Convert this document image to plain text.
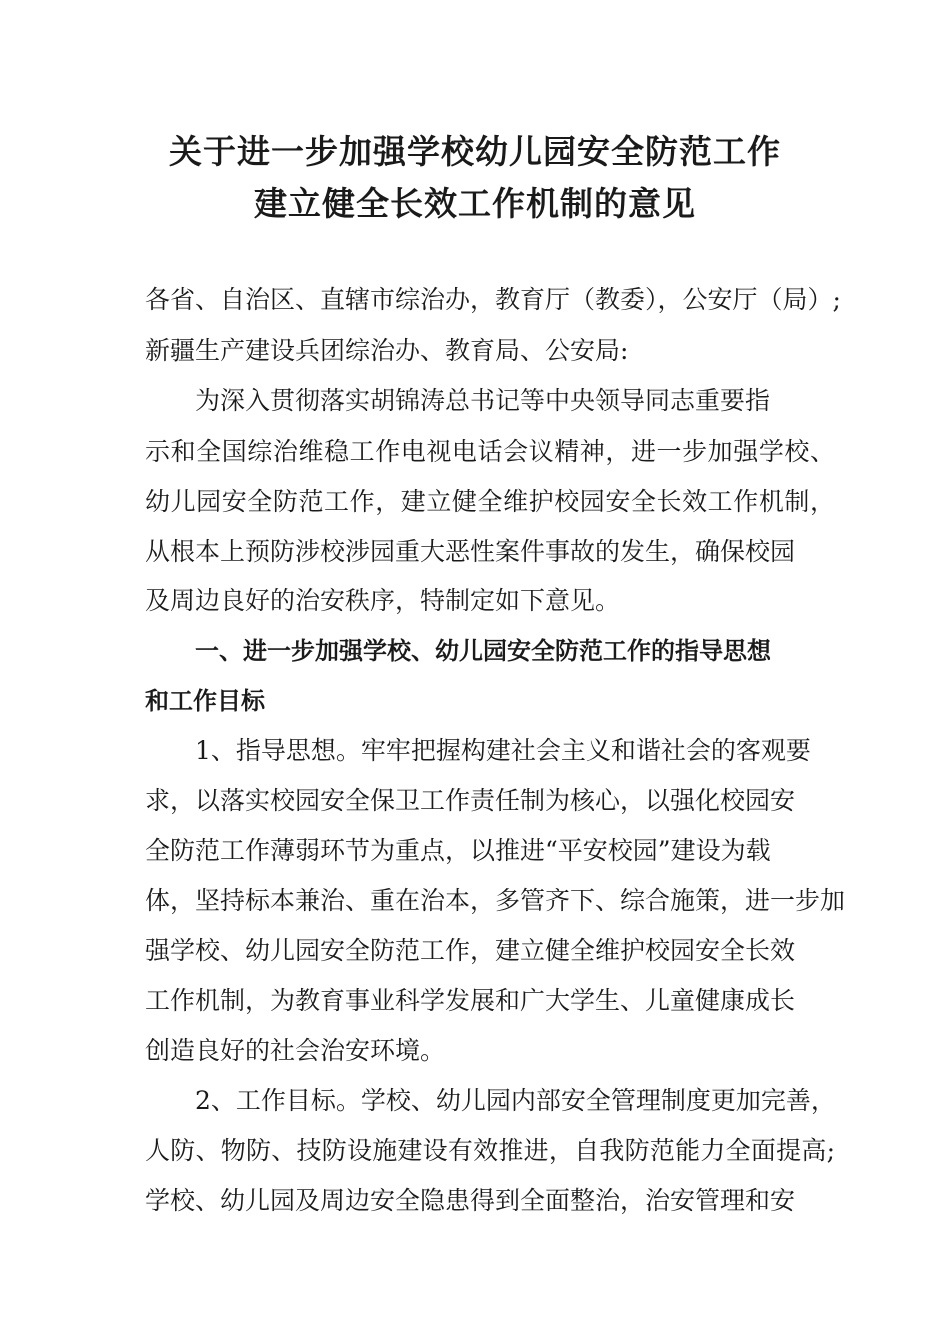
关于进一步加强学校幼儿园安全防范工作
建立健全长效工作机制的意见
各省、自治区、直辖市综治办，教育厅（教委），公安厅（局）;
新疆生产建设兵团综治办、教育局、公安局:
为深入贯彻落实胡锦涛总书记等中央领导同志重要指
示和全国综治维稳工作电视电话会议精神，进一步加强学校、
幼儿园安全防范工作，建立健全维护校园安全长效工作机制，
从根本上预防涉校涉园重大恶性案件事故的发生，确保校园
及周边良好的治安秩序，特制定如下意见。
一、进一步加强学校、幼儿园安全防范工作的指导思想
和工作目标
1、指导思想。牢牢把握构建社会主义和谐社会的客观要
求，以落实校园安全保卫工作责任制为核心，以强化校园安
全防范工作薄弱环节为重点，以推进“平安校园”建设为载
体，坚持标本兼治、重在治本，多管齐下、综合施策，进一步加
强学校、幼儿园安全防范工作，建立健全维护校园安全长效
工作机制，为教育事业科学发展和广大学生、儿童健康成长
创造良好的社会治安环境。
2、工作目标。学校、幼儿园内部安全管理制度更加完善，
人防、物防、技防设施建设有效推进，自我防范能力全面提高;
学校、幼儿园及周边安全隐患得到全面整治，治安管理和安
